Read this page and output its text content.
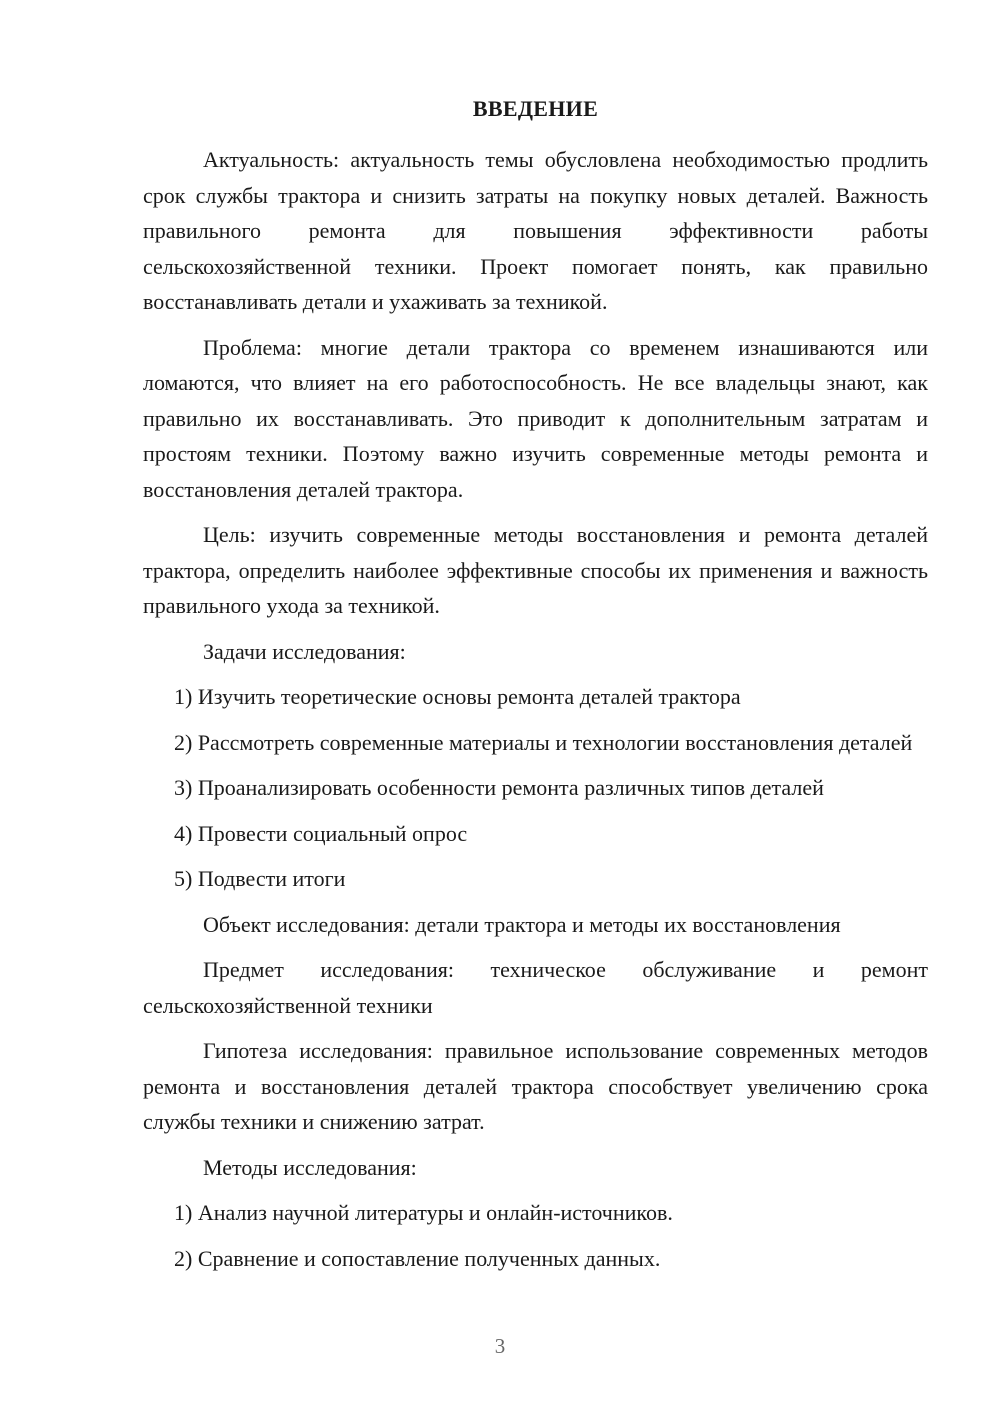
ВВЕДЕНИЕ

Актуальность: актуальность темы обусловлена необходимостью продлить срок службы трактора и снизить затраты на покупку новых деталей. Важность правильного ремонта для повышения эффективности работы сельскохозяйственной техники. Проект помогает понять, как правильно восстанавливать детали и ухаживать за техникой.

Проблема: многие детали трактора со временем изнашиваются или ломаются, что влияет на его работоспособность. Не все владельцы знают, как правильно их восстанавливать. Это приводит к дополнительным затратам и простоям техники. Поэтому важно изучить современные методы ремонта и восстановления деталей трактора.

Цель: изучить современные методы восстановления и ремонта деталей трактора, определить наиболее эффективные способы их применения и важность правильного ухода за техникой.

Задачи исследования:

1) Изучить теоретические основы ремонта деталей трактора

2) Рассмотреть современные материалы и технологии восстановления деталей

3) Проанализировать особенности ремонта различных типов деталей

4) Провести социальный опрос

5) Подвести итоги

Объект исследования: детали трактора и методы их восстановления

Предмет исследования: техническое обслуживание и ремонт сельскохозяйственной техники

Гипотеза исследования: правильное использование современных методов ремонта и восстановления деталей трактора способствует увеличению срока службы техники и снижению затрат.

Методы исследования:

1) Анализ научной литературы и онлайн-источников.

2) Сравнение и сопоставление полученных данных.

3
